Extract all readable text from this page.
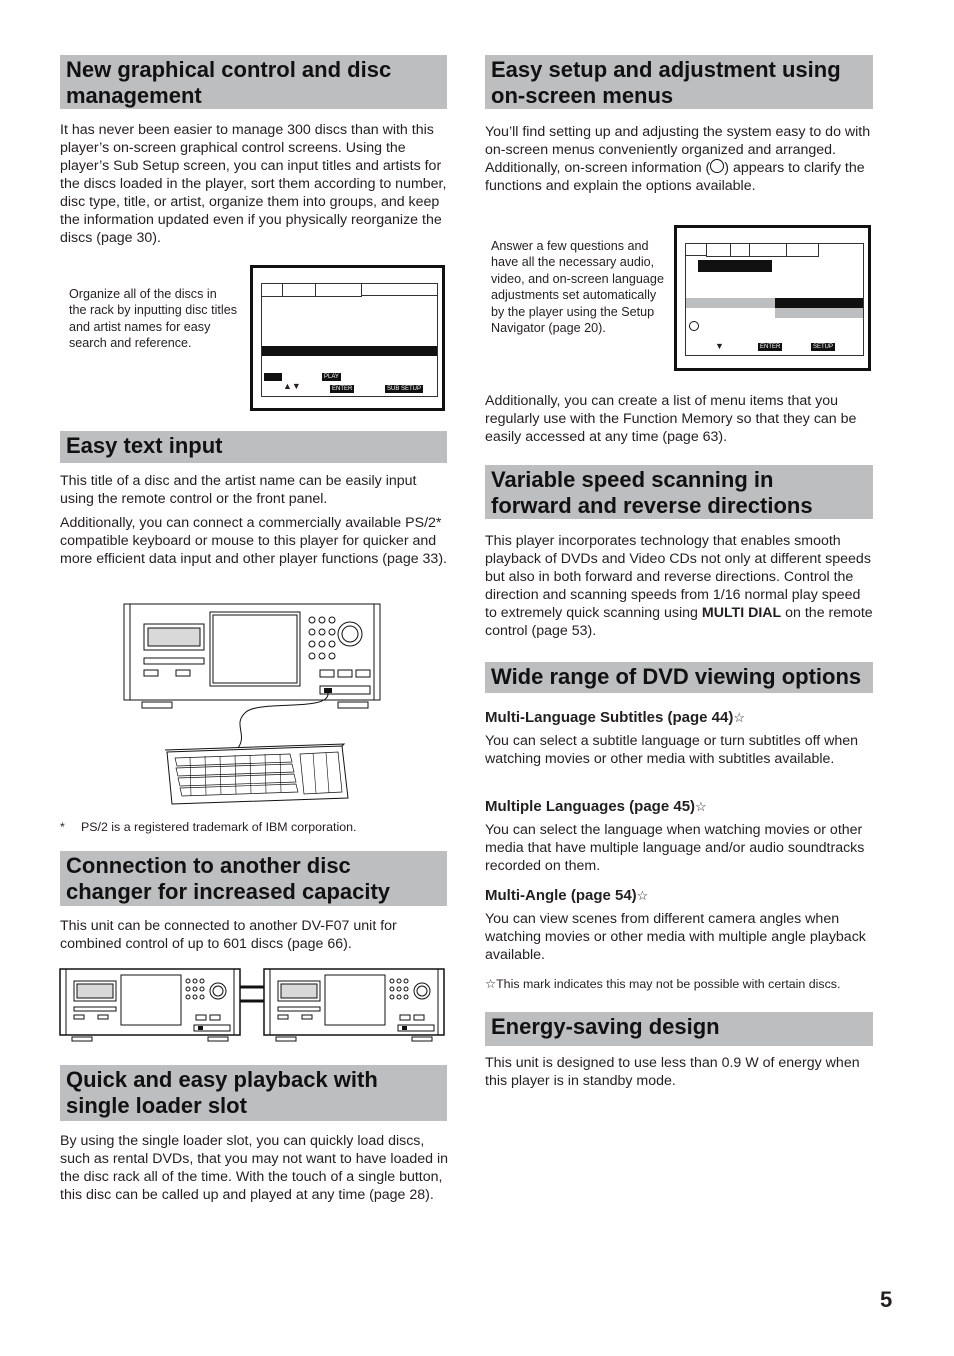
New graphical control and disc
management
It has never been easier to manage 300 discs than with this player’s on-screen graphical control screens. Using the player’s Sub Setup screen, you can input titles and artists for the discs loaded in the player, sort them according to number, disc type, title, or artist, organize them into groups, and keep the information updated even if you physically reorganize the discs (page 30).
Organize all of the discs in the rack by inputting disc titles and artist names for easy search and reference.
▲▼
PLAY
ENTER	SUB SETUP
Easy text input

This title of a disc and the artist name can be easily input using the remote control or the front panel.

Additionally, you can connect a commercially available PS/2* compatible keyboard or mouse to this player for quicker and more efficient data input and other player functions (page 33).

* PS/2 is a registered trademark of IBM corporation.
Connection to another disc
changer for increased capacity
This unit can be connected to another DV-F07 unit for combined control of up to 601 discs (page 66).
Quick and easy playback with
single loader slot
By using the single loader slot, you can quickly load discs, such as rental DVDs, that you may not want to have loaded in the disc rack all of the time. With the touch of a single button, this disc can be called up and played at any time (page 28).
Easy setup and adjustment using
on-screen menus
You’ll find setting up and adjusting the system easy to do with on-screen menus conveniently organized and arranged. Additionally, on-screen information ( ) appears to clarify the functions and explain the options available.
Answer a few questions and have all the necessary audio, video, and on-screen language adjustments set automatically by the player using the Setup Navigator (page 20).
▼	ENTER	SETUP
Additionally, you can create a list of menu items that you regularly use with the Function Memory so that they can be easily accessed at any time (page 63).
Variable speed scanning in
forward and reverse directions
This player incorporates technology that enables smooth playback of DVDs and Video CDs not only at different speeds but also in both forward and reverse directions. Control the direction and scanning speeds from 1/16 normal play speed to extremely quick scanning using MULTI DIAL on the remote control (page 53).
Wide range of DVD viewing options
Multi-Language Subtitles (page 44)☆
You can select a subtitle language or turn subtitles off when watching movies or other media with subtitles available.
Multiple Languages (page 45)☆
You can select the language when watching movies or other media that have multiple language and/or audio soundtracks recorded on them.
Multi-Angle (page 54)☆
You can view scenes from different camera angles when watching movies or other media with multiple angle playback available.
☆This mark indicates this may not be possible with certain discs.
Energy-saving design
This unit is designed to use less than 0.9 W of energy when this player is in standby mode.
5
